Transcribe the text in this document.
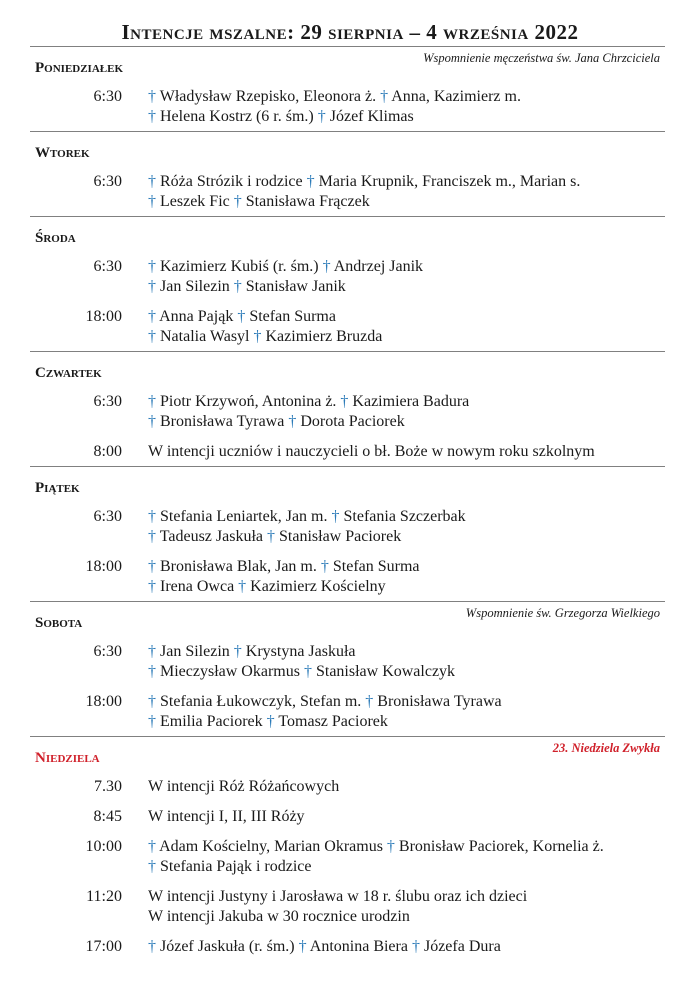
Intencje mszalne: 29 sierpnia – 4 września 2022
Poniedziałek
Wspomnienie męczeństwa św. Jana Chrzciciela
6:30 † Władysław Rzepisko, Eleonora ż. † Anna, Kazimierz m.
† Helena Kostrz (6 r. śm.) † Józef Klimas
Wtorek
6:30 † Róża Strózik i rodzice † Maria Krupnik, Franciszek m., Marian s.
† Leszek Fic † Stanisława Frączek
Środa
6:30 † Kazimierz Kubiś (r. śm.) † Andrzej Janik
† Jan Silezin † Stanisław Janik
18:00 † Anna Pająk † Stefan Surma
† Natalia Wasyl † Kazimierz Bruzda
Czwartek
6:30 † Piotr Krzywoń, Antonina ż. † Kazimiera Badura
† Bronisława Tyrawa † Dorota Paciorek
8:00 W intencji uczniów i nauczycieli o bł. Boże w nowym roku szkolnym
Piątek
6:30 † Stefania Leniartek, Jan m. † Stefania Szczerbak
† Tadeusz Jaskuła † Stanisław Paciorek
18:00 † Bronisława Blak, Jan m. † Stefan Surma
† Irena Owca † Kazimierz Kościelny
Sobota
Wspomnienie św. Grzegorza Wielkiego
6:30 † Jan Silezin † Krystyna Jaskuła
† Mieczysław Okarmus † Stanisław Kowalczyk
18:00 † Stefania Łukowczyk, Stefan m. † Bronisława Tyrawa
† Emilia Paciorek † Tomasz Paciorek
Niedziela
23. Niedziela Zwykła
7.30 W intencji Róż Różańcowych
8:45 W intencji I, II, III Róży
10:00 † Adam Kościelny, Marian Okramus † Bronisław Paciorek, Kornelia ż.
† Stefania Pająk i rodzice
11:20 W intencji Justyny i Jarosława w 18 r. ślubu oraz ich dzieci
W intencji Jakuba w 30 rocznice urodzin
17:00 † Józef Jaskuła (r. śm.) † Antonina Biera † Józefa Dura
